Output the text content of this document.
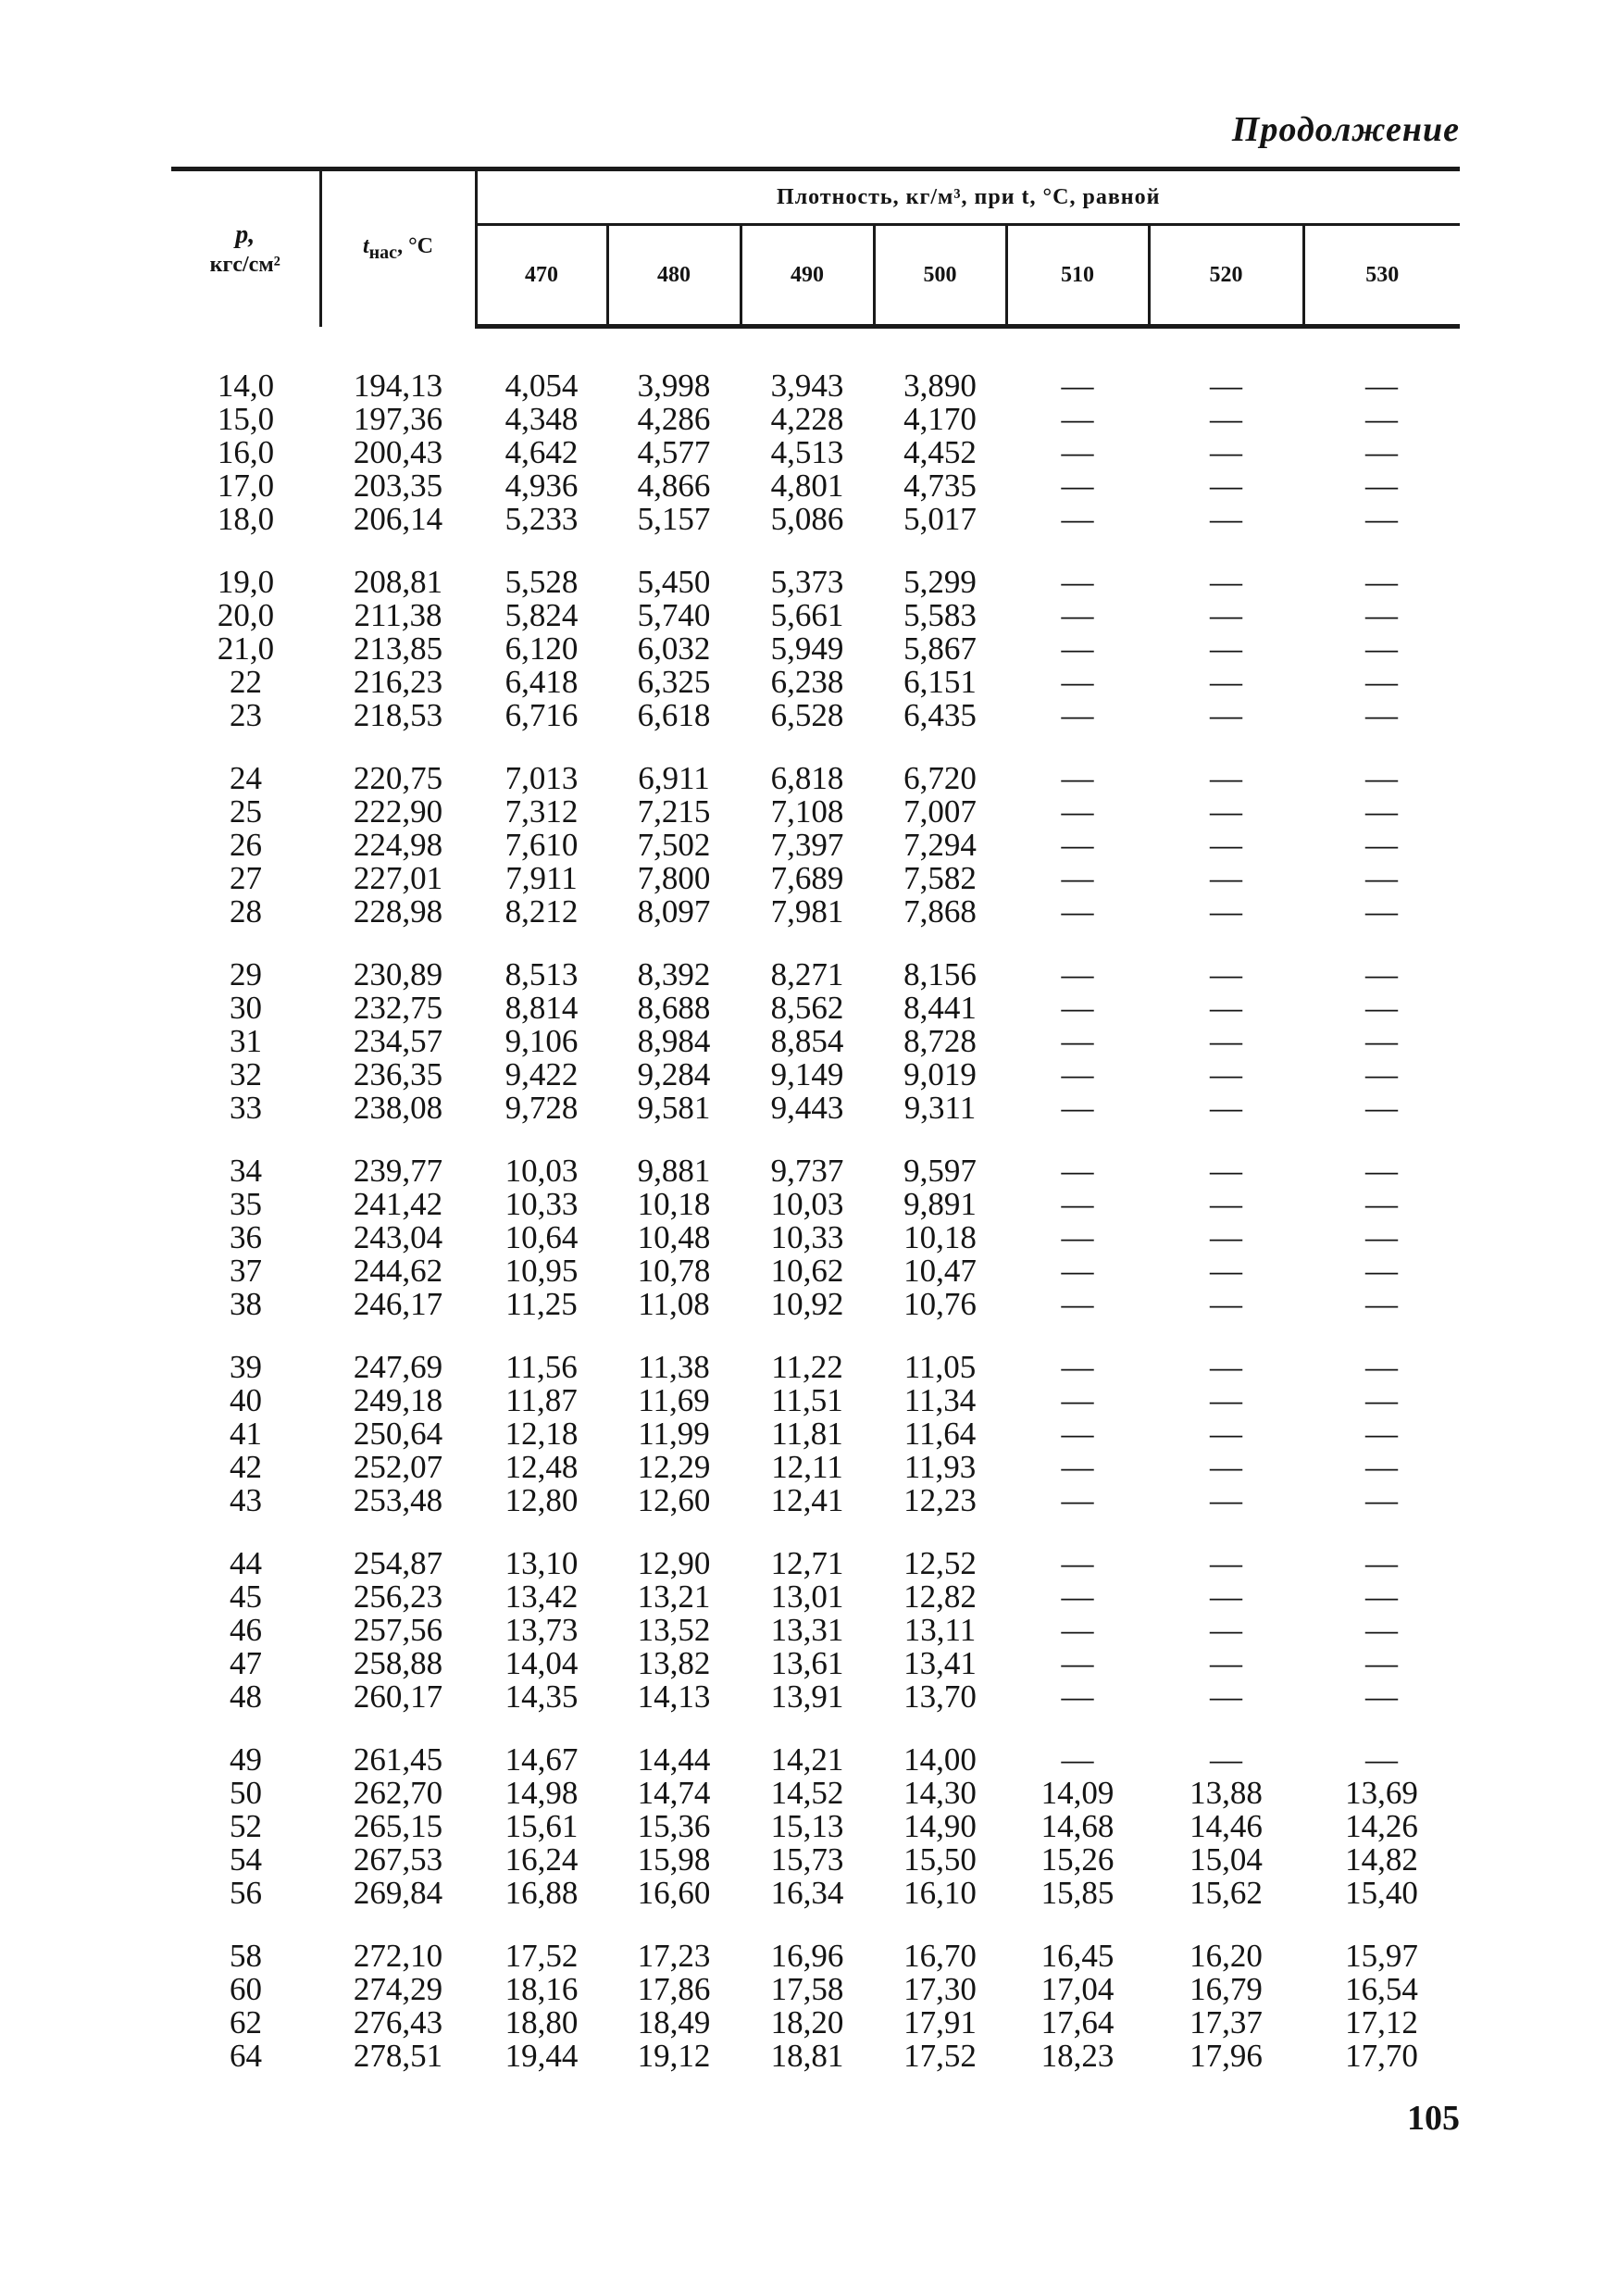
Продолжение

p,
кгс/см²	$t_{нас}$, °C	Плотность, кг/м³, при t, °C, равной						
		470	480	490	500	510	520	530

14,0	194,13	4,054	3,998	3,943	3,890	—	—	—
15,0	197,36	4,348	4,286	4,228	4,170	—	—	—
16,0	200,43	4,642	4,577	4,513	4,452	—	—	—
17,0	203,35	4,936	4,866	4,801	4,735	—	—	—
18,0	206,14	5,233	5,157	5,086	5,017	—	—	—

19,0	208,81	5,528	5,450	5,373	5,299	—	—	—
20,0	211,38	5,824	5,740	5,661	5,583	—	—	—
21,0	213,85	6,120	6,032	5,949	5,867	—	—	—
22	216,23	6,418	6,325	6,238	6,151	—	—	—
23	218,53	6,716	6,618	6,528	6,435	—	—	—

24	220,75	7,013	6,911	6,818	6,720	—	—	—
25	222,90	7,312	7,215	7,108	7,007	—	—	—
26	224,98	7,610	7,502	7,397	7,294	—	—	—
27	227,01	7,911	7,800	7,689	7,582	—	—	—
28	228,98	8,212	8,097	7,981	7,868	—	—	—

29	230,89	8,513	8,392	8,271	8,156	—	—	—
30	232,75	8,814	8,688	8,562	8,441	—	—	—
31	234,57	9,106	8,984	8,854	8,728	—	—	—
32	236,35	9,422	9,284	9,149	9,019	—	—	—
33	238,08	9,728	9,581	9,443	9,311	—	—	—

34	239,77	10,03	9,881	9,737	9,597	—	—	—
35	241,42	10,33	10,18	10,03	9,891	—	—	—
36	243,04	10,64	10,48	10,33	10,18	—	—	—
37	244,62	10,95	10,78	10,62	10,47	—	—	—
38	246,17	11,25	11,08	10,92	10,76	—	—	—

39	247,69	11,56	11,38	11,22	11,05	—	—	—
40	249,18	11,87	11,69	11,51	11,34	—	—	—
41	250,64	12,18	11,99	11,81	11,64	—	—	—
42	252,07	12,48	12,29	12,11	11,93	—	—	—
43	253,48	12,80	12,60	12,41	12,23	—	—	—

44	254,87	13,10	12,90	12,71	12,52	—	—	—
45	256,23	13,42	13,21	13,01	12,82	—	—	—
46	257,56	13,73	13,52	13,31	13,11	—	—	—
47	258,88	14,04	13,82	13,61	13,41	—	—	—
48	260,17	14,35	14,13	13,91	13,70	—	—	—

49	261,45	14,67	14,44	14,21	14,00	—	—	—
50	262,70	14,98	14,74	14,52	14,30	14,09	13,88	13,69
52	265,15	15,61	15,36	15,13	14,90	14,68	14,46	14,26
54	267,53	16,24	15,98	15,73	15,50	15,26	15,04	14,82
56	269,84	16,88	16,60	16,34	16,10	15,85	15,62	15,40

58	272,10	17,52	17,23	16,96	16,70	16,45	16,20	15,97
60	274,29	18,16	17,86	17,58	17,30	17,04	16,79	16,54
62	276,43	18,80	18,49	18,20	17,91	17,64	17,37	17,12
64	278,51	19,44	19,12	18,81	17,52	18,23	17,96	17,70
105
